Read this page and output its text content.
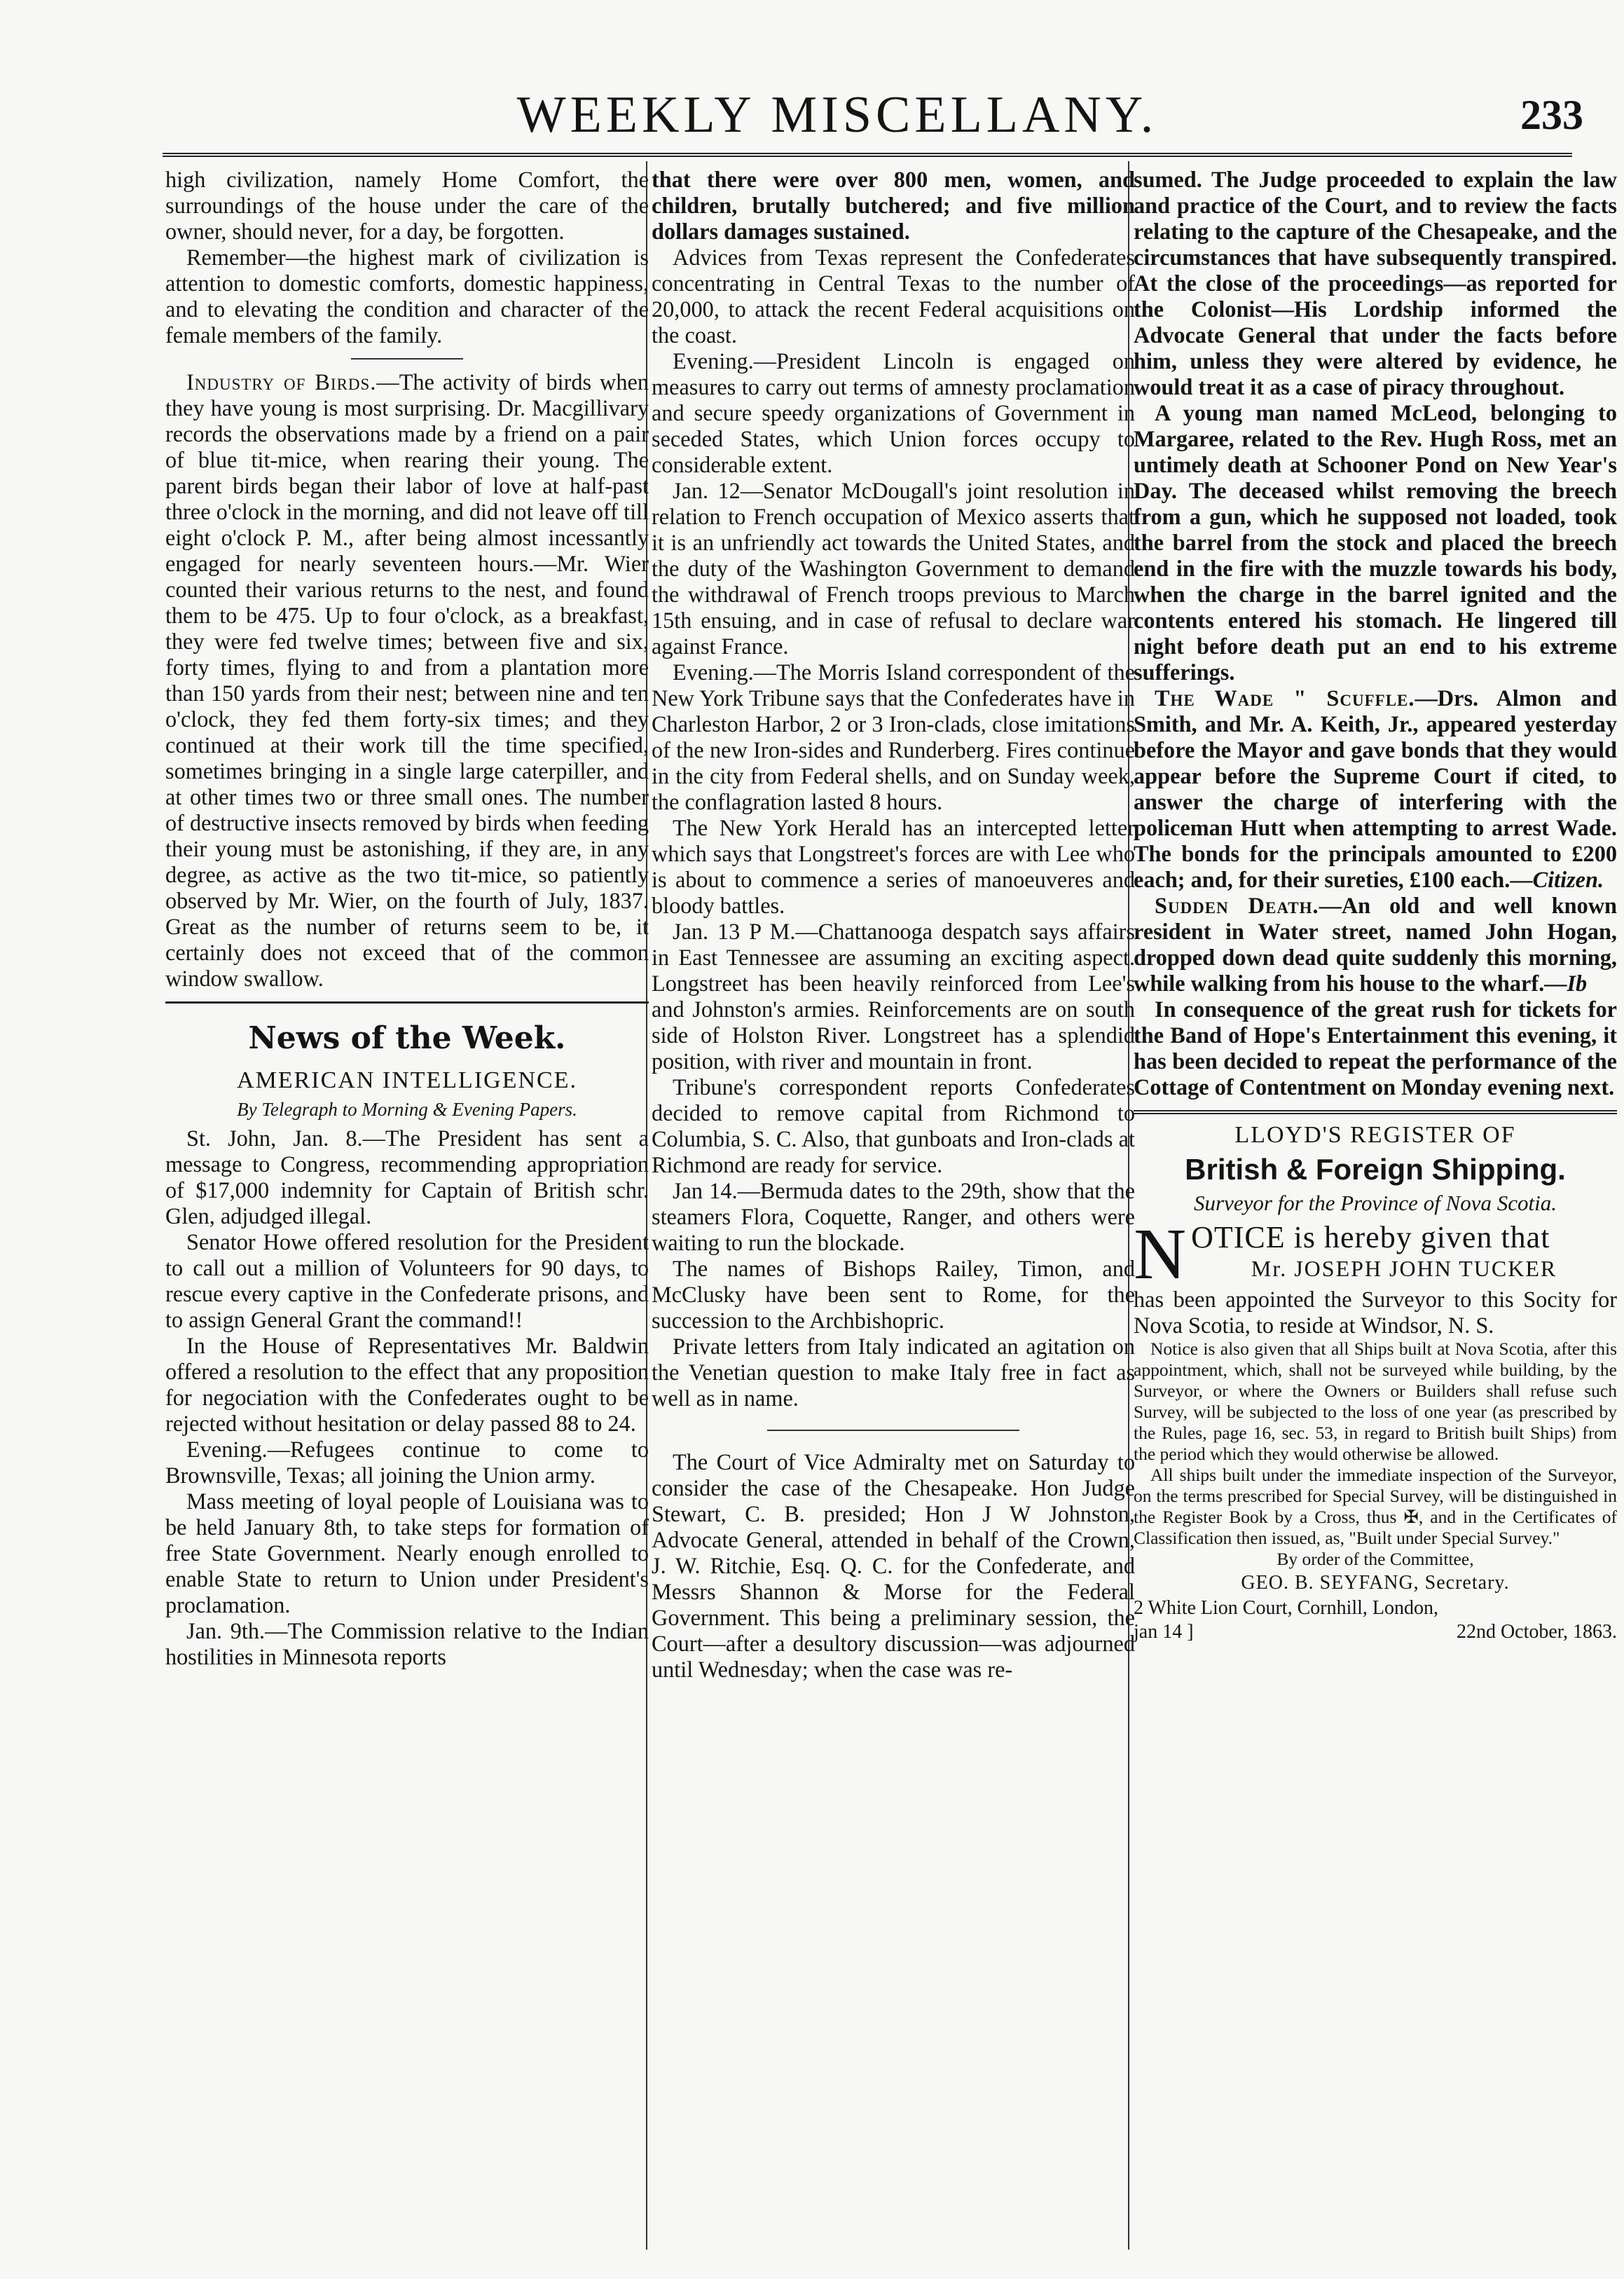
WEEKLY MISCELLANY.	233

high civilization, namely Home Comfort, the surroundings of the house under the care of the owner, should never, for a day, be forgotten.

Remember—the highest mark of civilization is attention to domestic comforts, domestic happiness, and to elevating the condition and character of the female members of the family.

Industry of Birds.—The activity of birds when they have young is most surprising. Dr. Macgillivary records the observations made by a friend on a pair of blue tit-mice, when rearing their young. The parent birds began their labor of love at half-past three o'clock in the morning, and did not leave off till eight o'clock P. M., after being almost incessantly engaged for nearly seventeen hours.—Mr. Wier counted their various returns to the nest, and found them to be 475. Up to four o'clock, as a breakfast, they were fed twelve times; between five and six, forty times, flying to and from a plantation more than 150 yards from their nest; between nine and ten o'clock, they fed them forty-six times; and they continued at their work till the time specified, sometimes bringing in a single large caterpiller, and at other times two or three small ones. The number of destructive insects removed by birds when feeding their young must be astonishing, if they are, in any degree, as active as the two tit-mice, so patiently observed by Mr. Wier, on the fourth of July, 1837. Great as the number of returns seem to be, it certainly does not exceed that of the common window swallow.

News of the Week.
AMERICAN INTELLIGENCE.
By Telegraph to Morning & Evening Papers.

St. John, Jan. 8.—The President has sent a message to Congress, recommending appropriation of $17,000 indemnity for Captain of British schr. Glen, adjudged illegal.

Senator Howe offered resolution for the President to call out a million of Volunteers for 90 days, to rescue every captive in the Confederate prisons, and to assign General Grant the command!!

In the House of Representatives Mr. Baldwin offered a resolution to the effect that any proposition for negociation with the Confederates ought to be rejected without hesitation or delay passed 88 to 24.

Evening.—Refugees continue to come to Brownsville, Texas; all joining the Union army.

Mass meeting of loyal people of Louisiana was to be held January 8th, to take steps for formation of free State Government. Nearly enough enrolled to enable State to return to Union under President's proclamation.

Jan. 9th.—The Commission relative to the Indian hostilities in Minnesota reports

that there were over 800 men, women, and children, brutally butchered; and five million dollars damages sustained.

Advices from Texas represent the Confederates concentrating in Central Texas to the number of 20,000, to attack the recent Federal acquisitions on the coast.

Evening.—President Lincoln is engaged on measures to carry out terms of amnesty proclamation and secure speedy organizations of Government in seceded States, which Union forces occupy to considerable extent.

Jan. 12—Senator McDougall's joint resolution in relation to French occupation of Mexico asserts that it is an unfriendly act towards the United States, and the duty of the Washington Government to demand the withdrawal of French troops previous to March 15th ensuing, and in case of refusal to declare war against France.

Evening.—The Morris Island correspondent of the New York Tribune says that the Confederates have in Charleston Harbor, 2 or 3 Iron-clads, close imitations of the new Iron-sides and Runderberg. Fires continue in the city from Federal shells, and on Sunday week, the conflagration lasted 8 hours.

The New York Herald has an intercepted letter which says that Longstreet's forces are with Lee who is about to commence a series of manoeuveres and bloody battles.

Jan. 13 P M.—Chattanooga despatch says affairs in East Tennessee are assuming an exciting aspect. Longstreet has been heavily reinforced from Lee's and Johnston's armies. Reinforcements are on south side of Holston River. Longstreet has a splendid position, with river and mountain in front.

Tribune's correspondent reports Confederates decided to remove capital from Richmond to Columbia, S. C. Also, that gunboats and Iron-clads at Richmond are ready for service.

Jan 14.—Bermuda dates to the 29th, show that the steamers Flora, Coquette, Ranger, and others were waiting to run the blockade.

The names of Bishops Railey, Timon, and McClusky have been sent to Rome, for the succession to the Archbishopric.

Private letters from Italy indicated an agitation on the Venetian question to make Italy free in fact as well as in name.

The Court of Vice Admiralty met on Saturday to consider the case of the Chesapeake. Hon Judge Stewart, C. B. presided; Hon J W Johnston, Advocate General, attended in behalf of the Crown, J. W. Ritchie, Esq. Q. C. for the Confederate, and Messrs Shannon & Morse for the Federal Government. This being a preliminary session, the Court—after a desultory discussion—was adjourned until Wednesday; when the case was re-

sumed. The Judge proceeded to explain the law and practice of the Court, and to review the facts relating to the capture of the Chesapeake, and the circumstances that have subsequently transpired. At the close of the proceedings—as reported for the Colonist—His Lordship informed the Advocate General that under the facts before him, unless they were altered by evidence, he would treat it as a case of piracy throughout.

A young man named McLeod, belonging to Margaree, related to the Rev. Hugh Ross, met an untimely death at Schooner Pond on New Year's Day. The deceased whilst removing the breech from a gun, which he supposed not loaded, took the barrel from the stock and placed the breech end in the fire with the muzzle towards his body, when the charge in the barrel ignited and the contents entered his stomach. He lingered till night before death put an end to his extreme sufferings.

The Wade " Scuffle.—Drs. Almon and Smith, and Mr. A. Keith, Jr., appeared yesterday before the Mayor and gave bonds that they would appear before the Supreme Court if cited, to answer the charge of interfering with the policeman Hutt when attempting to arrest Wade. The bonds for the principals amounted to £200 each; and, for their sureties, £100 each.—Citizen.

Sudden Death.—An old and well known resident in Water street, named John Hogan, dropped down dead quite suddenly this morning, while walking from his house to the wharf.—Ib

In consequence of the great rush for tickets for the Band of Hope's Entertainment this evening, it has been decided to repeat the performance of the Cottage of Contentment on Monday evening next.

LLOYD'S REGISTER OF
British & Foreign Shipping.
Surveyor for the Province of Nova Scotia.

NOTICE is hereby given that

Mr. JOSEPH JOHN TUCKER

has been appointed the Surveyor to this Socity for Nova Scotia, to reside at Windsor, N. S.

Notice is also given that all Ships built at Nova Scotia, after this appointment, which, shall not be surveyed while building, by the Surveyor, or where the Owners or Builders shall refuse such Survey, will be subjected to the loss of one year (as prescribed by the Rules, page 16, sec. 53, in regard to British built Ships) from the period which they would otherwise be allowed.

All ships built under the immediate inspection of the Surveyor, on the terms prescribed for Special Survey, will be distinguished in the Register Book by a Cross, thus ✠, and in the Certificates of Classification then issued, as, "Built under Special Survey."

By order of the Committee,

GEO. B. SEYFANG, Secretary.

2 White Lion Court, Cornhill, London,

jan 14 ]	22nd October, 1863.
